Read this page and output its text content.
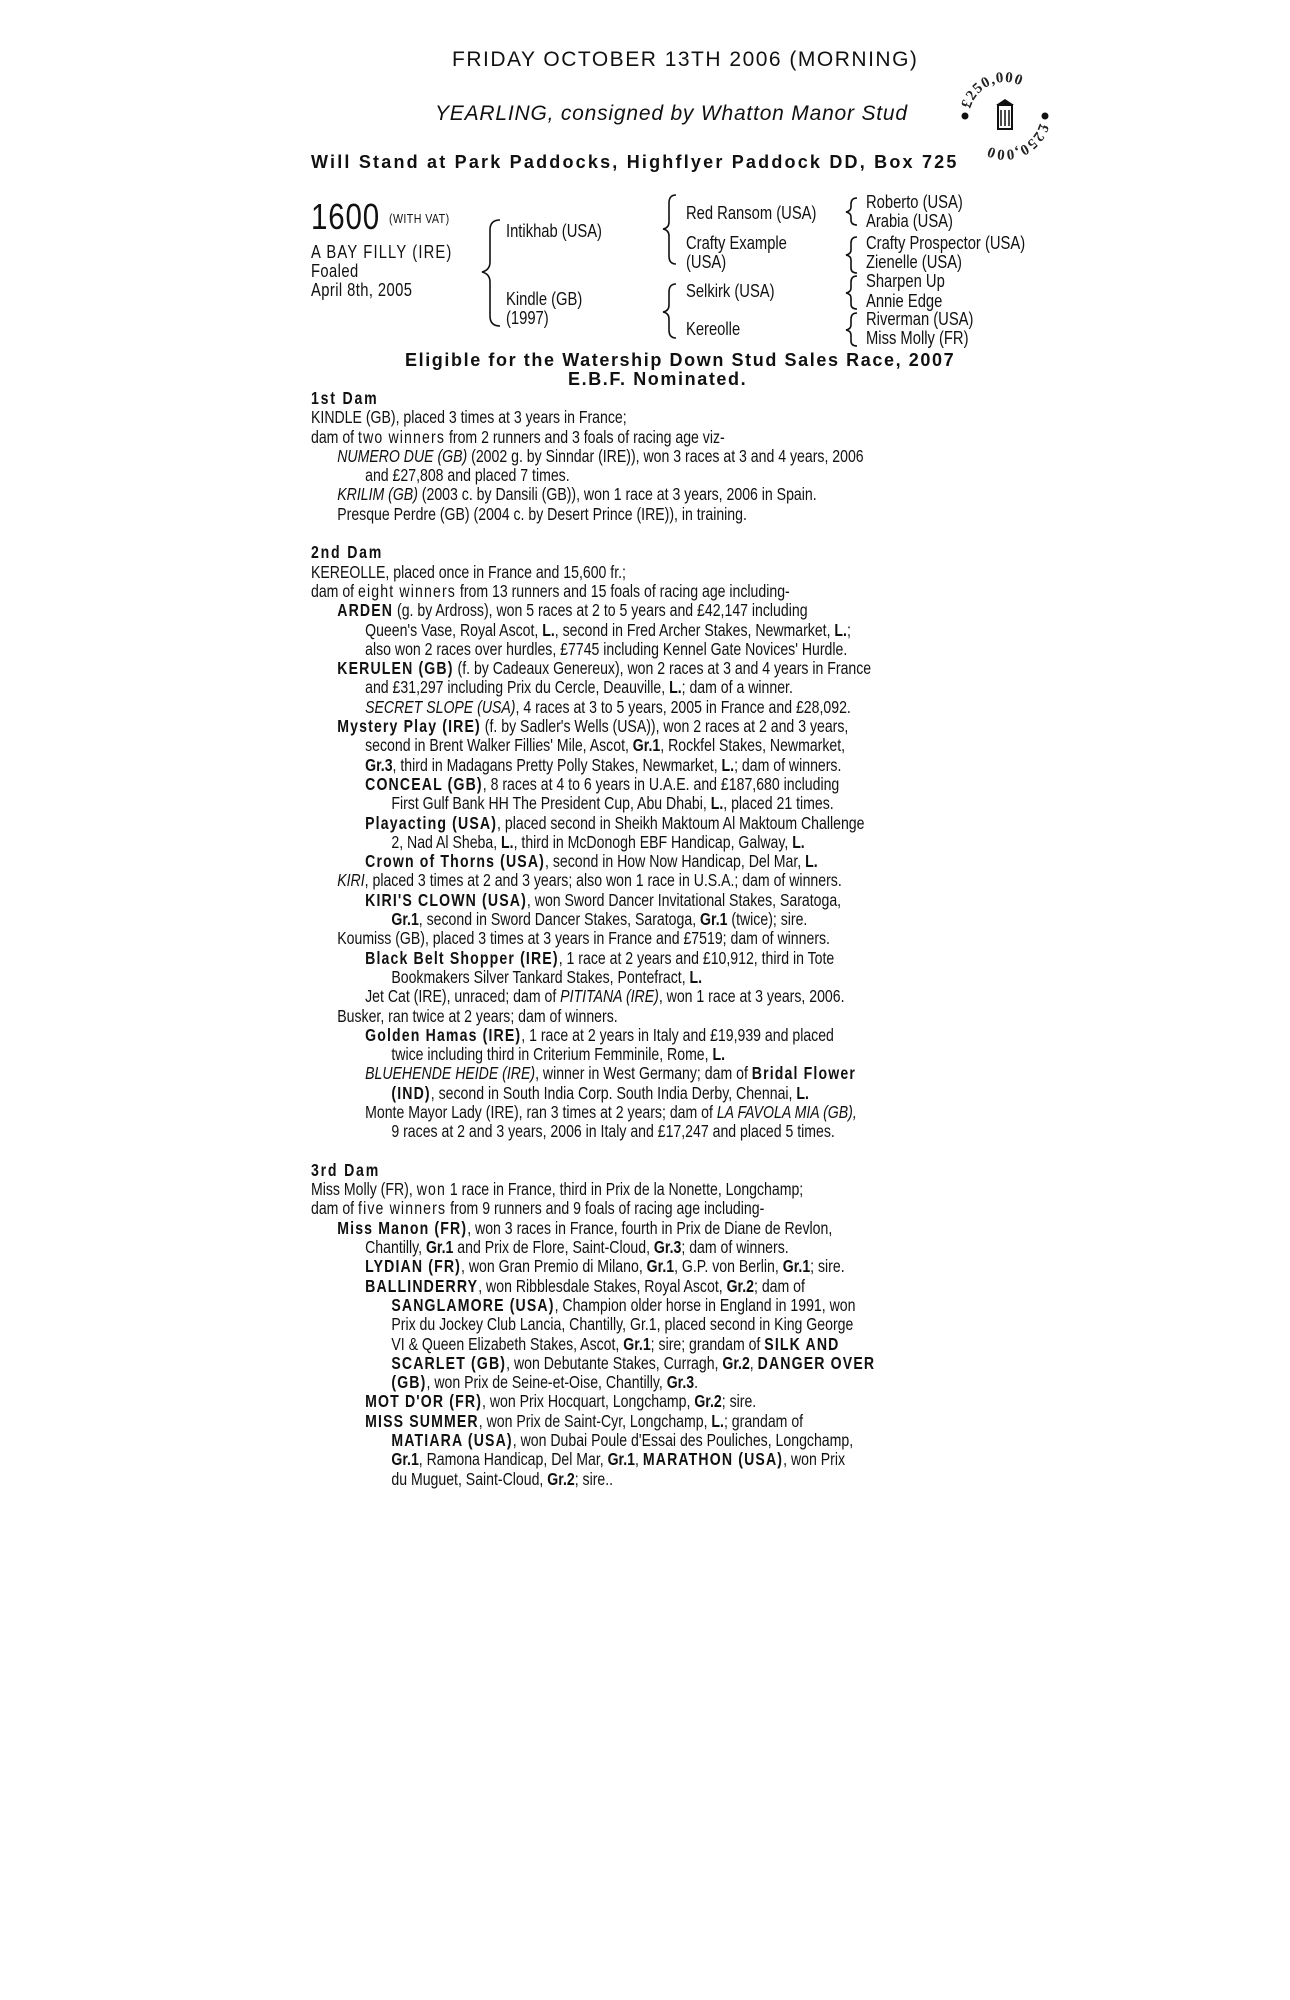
FRIDAY OCTOBER 13TH 2006 (MORNING)
YEARLING, consigned by Whatton Manor Stud
Will Stand at Park Paddocks, Highflyer Paddock DD, Box 725
£250,000
£250,000
1600 (WITH VAT)
A BAY FILLY (IRE)
Foaled
April 8th, 2005
Intikhab (USA)
Kindle (GB)
(1997)
Red Ransom (USA)
Crafty Example
(USA)
Selkirk (USA)
Kereolle
Roberto (USA)
Arabia (USA)
Crafty Prospector (USA)
Zienelle (USA)
Sharpen Up
Annie Edge
Riverman (USA)
Miss Molly (FR)
Eligible for the Watership Down Stud Sales Race, 2007
E.B.F. Nominated.
1st Dam
KINDLE (GB), placed 3 times at 3 years in France;
dam of two winners from 2 runners and 3 foals of racing age viz-
NUMERO DUE (GB) (2002 g. by Sinndar (IRE)), won 3 races at 3 and 4 years, 2006
and £27,808 and placed 7 times.
KRILIM (GB) (2003 c. by Dansili (GB)), won 1 race at 3 years, 2006 in Spain.
Presque Perdre (GB) (2004 c. by Desert Prince (IRE)), in training.
2nd Dam
KEREOLLE, placed once in France and 15,600 fr.;
dam of eight winners from 13 runners and 15 foals of racing age including-
ARDEN (g. by Ardross), won 5 races at 2 to 5 years and £42,147 including
Queen's Vase, Royal Ascot, L., second in Fred Archer Stakes, Newmarket, L.;
also won 2 races over hurdles, £7745 including Kennel Gate Novices' Hurdle.
KERULEN (GB) (f. by Cadeaux Genereux), won 2 races at 3 and 4 years in France
and £31,297 including Prix du Cercle, Deauville, L.; dam of a winner.
SECRET SLOPE (USA), 4 races at 3 to 5 years, 2005 in France and £28,092.
Mystery Play (IRE) (f. by Sadler's Wells (USA)), won 2 races at 2 and 3 years,
second in Brent Walker Fillies' Mile, Ascot, Gr.1, Rockfel Stakes, Newmarket,
Gr.3, third in Madagans Pretty Polly Stakes, Newmarket, L.; dam of winners.
CONCEAL (GB), 8 races at 4 to 6 years in U.A.E. and £187,680 including
First Gulf Bank HH The President Cup, Abu Dhabi, L., placed 21 times.
Playacting (USA), placed second in Sheikh Maktoum Al Maktoum Challenge
2, Nad Al Sheba, L., third in McDonogh EBF Handicap, Galway, L.
Crown of Thorns (USA), second in How Now Handicap, Del Mar, L.
KIRI, placed 3 times at 2 and 3 years; also won 1 race in U.S.A.; dam of winners.
KIRI'S CLOWN (USA), won Sword Dancer Invitational Stakes, Saratoga,
Gr.1, second in Sword Dancer Stakes, Saratoga, Gr.1 (twice); sire.
Koumiss (GB), placed 3 times at 3 years in France and £7519; dam of winners.
Black Belt Shopper (IRE), 1 race at 2 years and £10,912, third in Tote
Bookmakers Silver Tankard Stakes, Pontefract, L.
Jet Cat (IRE), unraced; dam of PITITANA (IRE), won 1 race at 3 years, 2006.
Busker, ran twice at 2 years; dam of winners.
Golden Hamas (IRE), 1 race at 2 years in Italy and £19,939 and placed
twice including third in Criterium Femminile, Rome, L.
BLUEHENDE HEIDE (IRE), winner in West Germany; dam of Bridal Flower
(IND), second in South India Corp. South India Derby, Chennai, L.
Monte Mayor Lady (IRE), ran 3 times at 2 years; dam of LA FAVOLA MIA (GB),
9 races at 2 and 3 years, 2006 in Italy and £17,247 and placed 5 times.
3rd Dam
Miss Molly (FR), won 1 race in France, third in Prix de la Nonette, Longchamp;
dam of five winners from 9 runners and 9 foals of racing age including-
Miss Manon (FR), won 3 races in France, fourth in Prix de Diane de Revlon,
Chantilly, Gr.1 and Prix de Flore, Saint-Cloud, Gr.3; dam of winners.
LYDIAN (FR), won Gran Premio di Milano, Gr.1, G.P. von Berlin, Gr.1; sire.
BALLINDERRY, won Ribblesdale Stakes, Royal Ascot, Gr.2; dam of
SANGLAMORE (USA), Champion older horse in England in 1991, won
Prix du Jockey Club Lancia, Chantilly, Gr.1, placed second in King George
VI & Queen Elizabeth Stakes, Ascot, Gr.1; sire; grandam of SILK AND
SCARLET (GB), won Debutante Stakes, Curragh, Gr.2, DANGER OVER
(GB), won Prix de Seine-et-Oise, Chantilly, Gr.3.
MOT D'OR (FR), won Prix Hocquart, Longchamp, Gr.2; sire.
MISS SUMMER, won Prix de Saint-Cyr, Longchamp, L.; grandam of
MATIARA (USA), won Dubai Poule d'Essai des Pouliches, Longchamp,
Gr.1, Ramona Handicap, Del Mar, Gr.1, MARATHON (USA), won Prix
du Muguet, Saint-Cloud, Gr.2; sire..
